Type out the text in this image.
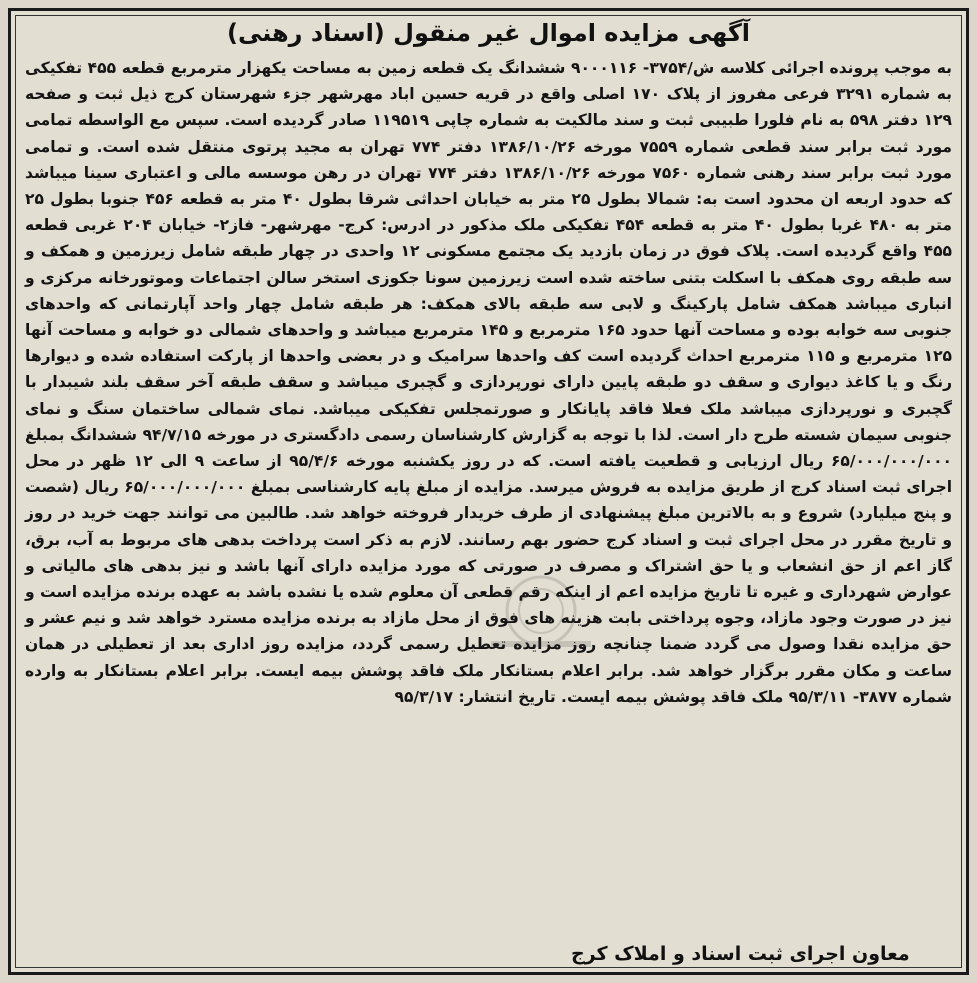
آگهی مزایده اموال غیر منقول (اسناد رهنی)
به موجب پرونده اجرائی کلاسه ش/۳۷۵۴- ۹۰۰۰۱۱۶ ششدانگ یک قطعه زمین به مساحت یکهزار مترمربع قطعه ۴۵۵ تفکیکی به شماره ۳۲۹۱ فرعی مفروز از پلاک ۱۷۰ اصلی واقع در قریه حسین اباد مهرشهر جزء شهرستان کرج ذیل ثبت و صفحه ۱۲۹ دفتر ۵۹۸ به نام فلورا طبیبی ثبت و سند مالکیت به شماره چاپی ۱۱۹۵۱۹ صادر گردیده است. سپس مع الواسطه تمامی مورد ثبت برابر سند قطعی شماره ۷۵۵۹ مورخه ۱۳۸۶/۱۰/۲۶ دفتر ۷۷۴ تهران به مجید پرتوی منتقل شده است. و تمامی مورد ثبت برابر سند رهنی شماره ۷۵۶۰ مورخه ۱۳۸۶/۱۰/۲۶ دفتر ۷۷۴ تهران در رهن موسسه مالی و اعتباری سینا میباشد که حدود اربعه ان محدود است به: شمالا بطول ۲۵ متر به خیابان احداثی شرقا بطول ۴۰ متر به قطعه ۴۵۶ جنوبا بطول ۲۵ متر به ۴۸۰ غربا بطول ۴۰ متر به قطعه ۴۵۴ تفکیکی ملک مذکور در ادرس: کرج- مهرشهر- فاز۲- خیابان ۲۰۴ غربی قطعه ۴۵۵ واقع گردیده است. پلاک فوق در زمان بازدید یک مجتمع مسکونی ۱۲ واحدی در چهار طبقه شامل زیرزمین و همکف و سه طبقه روی همکف با اسکلت بتنی ساخته شده است زیرزمین سونا جکوزی استخر سالن اجتماعات وموتورخانه مرکزی و انباری میباشد همکف شامل پارکینگ و لابی سه طبقه بالای همکف: هر طبقه شامل چهار واحد آپارتمانی که واحدهای جنوبی سه خوابه بوده و مساحت آنها حدود ۱۶۵ مترمربع و ۱۴۵ مترمربع میباشد و واحدهای شمالی دو خوابه و مساحت آنها ۱۲۵ مترمربع و ۱۱۵ مترمربع احداث گردیده است کف واحدها سرامیک و در بعضی واحدها از پارکت استفاده شده و دیوارها رنگ و یا کاغذ دیواری و سقف دو طبقه پایین دارای نورپردازی و گچبری میباشد و سقف طبقه آخر سقف بلند شیبدار با گچبری و نورپردازی میباشد ملک فعلا فاقد پایانکار و صورتمجلس تفکیکی میباشد. نمای شمالی ساختمان سنگ و نمای جنوبی سیمان شسته طرح دار است. لذا با توجه به گزارش کارشناسان رسمی دادگستری در مورخه ۹۴/۷/۱۵ ششدانگ بمبلغ ۶۵/۰۰۰/۰۰۰/۰۰۰ ریال ارزیابی و قطعیت یافته است. که در روز یکشنبه مورخه ۹۵/۴/۶ از ساعت ۹ الی ۱۲ ظهر در محل اجرای ثبت اسناد کرج از طریق مزایده به فروش میرسد. مزایده از مبلغ پایه کارشناسی بمبلغ ۶۵/۰۰۰/۰۰۰/۰۰۰ ریال (شصت و پنج میلیارد) شروع و به بالاترین مبلغ پیشنهادی از طرف خریدار فروخته خواهد شد. طالبین می توانند جهت خرید در روز و تاریخ مقرر در محل اجرای ثبت و اسناد کرج حضور بهم رسانند. لازم به ذکر است پرداخت بدهی های مربوط به آب، برق، گاز اعم از حق انشعاب و یا حق اشتراک و مصرف در صورتی که مورد مزایده دارای آنها باشد و نیز بدهی های مالیاتی و عوارض شهرداری و غیره تا تاریخ مزایده اعم از اینکه رقم قطعی آن معلوم شده یا نشده باشد به عهده برنده مزایده است و نیز در صورت وجود مازاد، وجوه پرداختی بابت هزینه های فوق از محل مازاد به برنده مزایده مسترد خواهد شد و نیم عشر و حق مزایده نقدا وصول می گردد ضمنا چنانچه روز مزایده تعطیل رسمی گردد، مزایده روز اداری بعد از تعطیلی در همان ساعت و مکان مقرر برگزار خواهد شد. برابر اعلام بستانکار ملک فاقد پوشش بیمه ایست. برابر اعلام بستانکار به وارده شماره ۳۸۷۷- ۹۵/۳/۱۱ ملک فاقد پوشش بیمه ایست. تاریخ انتشار: ۹۵/۳/۱۷
معاون اجرای ثبت اسناد و املاک کرج
